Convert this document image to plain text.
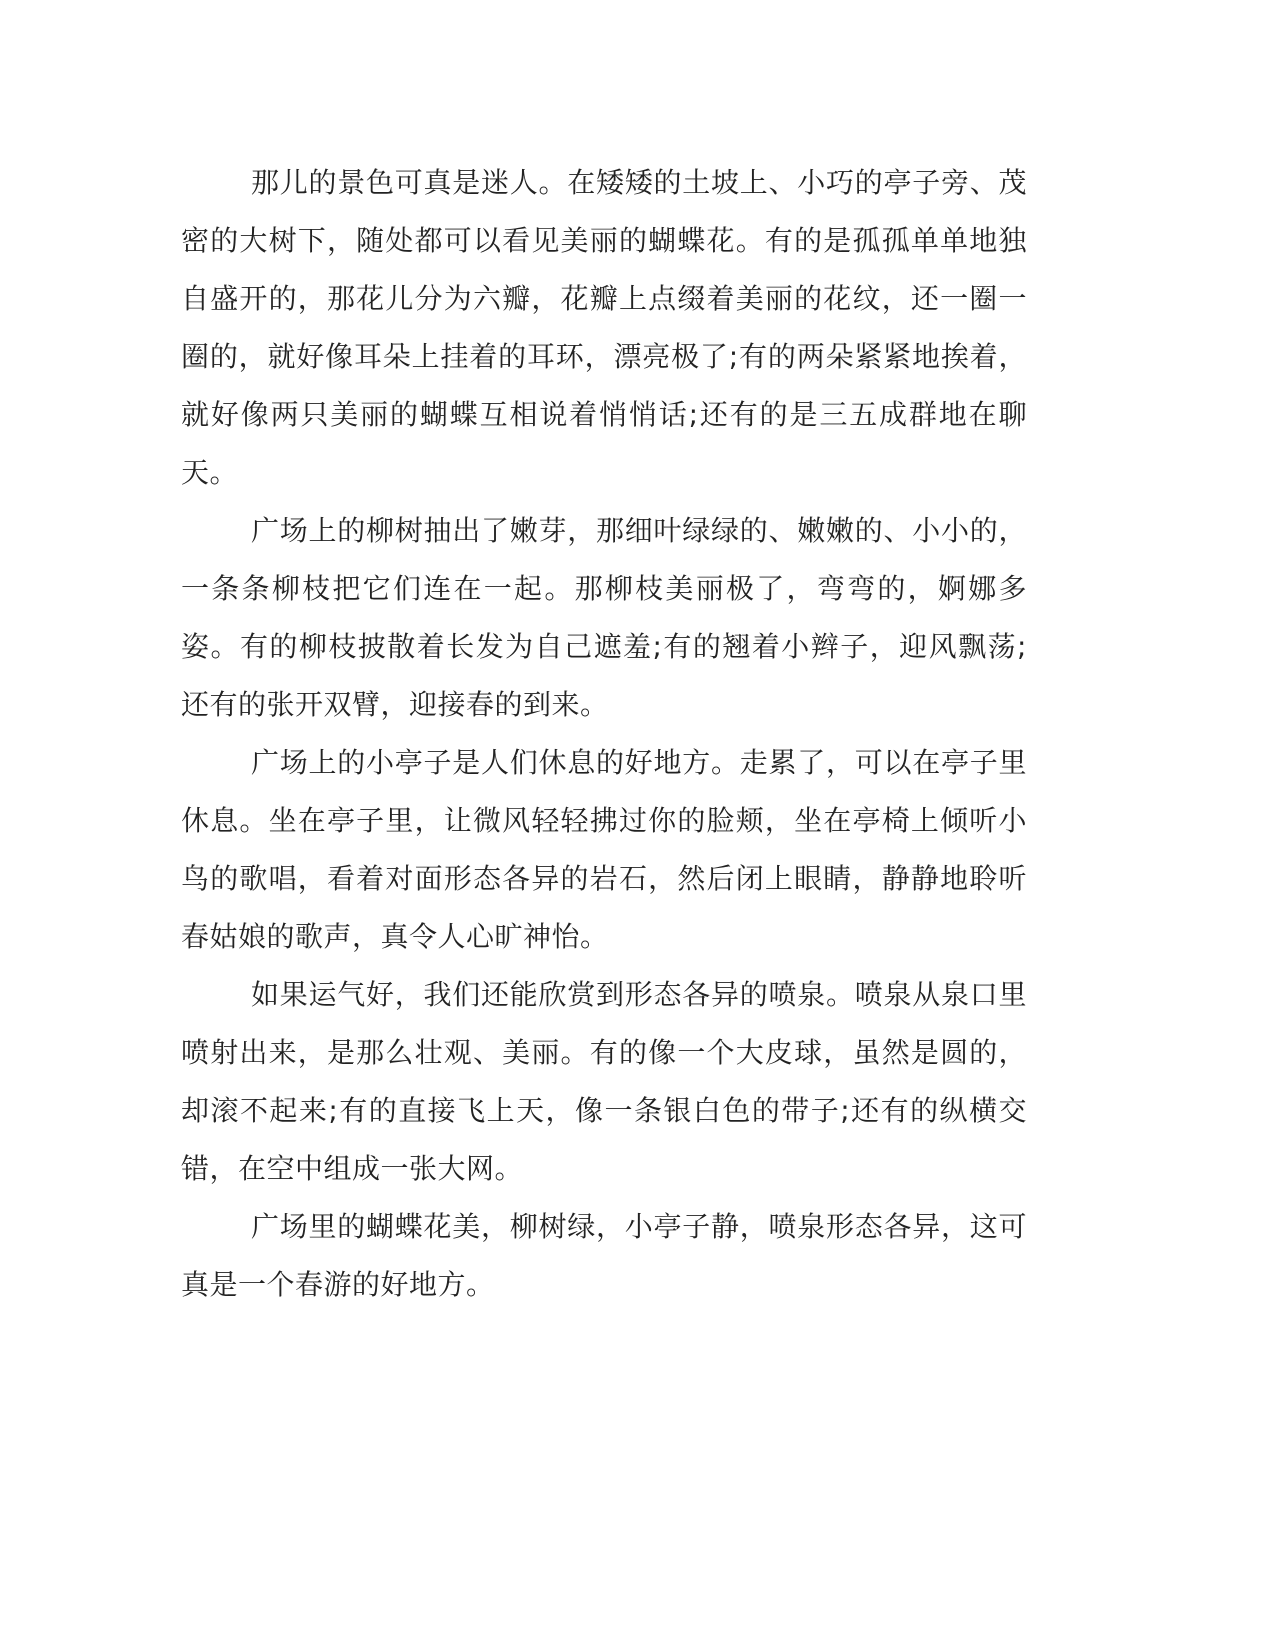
那儿的景色可真是迷人。在矮矮的土坡上、小巧的亭子旁、茂密的大树下，随处都可以看见美丽的蝴蝶花。有的是孤孤单单地独自盛开的，那花儿分为六瓣，花瓣上点缀着美丽的花纹，还一圈一圈的，就好像耳朵上挂着的耳环，漂亮极了;有的两朵紧紧地挨着，就好像两只美丽的蝴蝶互相说着悄悄话;还有的是三五成群地在聊天。

广场上的柳树抽出了嫩芽，那细叶绿绿的、嫩嫩的、小小的，一条条柳枝把它们连在一起。那柳枝美丽极了，弯弯的，婀娜多姿。有的柳枝披散着长发为自己遮羞;有的翘着小辫子，迎风飘荡;还有的张开双臂，迎接春的到来。

广场上的小亭子是人们休息的好地方。走累了，可以在亭子里休息。坐在亭子里，让微风轻轻拂过你的脸颊，坐在亭椅上倾听小鸟的歌唱，看着对面形态各异的岩石，然后闭上眼睛，静静地聆听春姑娘的歌声，真令人心旷神怡。

如果运气好，我们还能欣赏到形态各异的喷泉。喷泉从泉口里喷射出来，是那么壮观、美丽。有的像一个大皮球，虽然是圆的，却滚不起来;有的直接飞上天，像一条银白色的带子;还有的纵横交错，在空中组成一张大网。

广场里的蝴蝶花美，柳树绿，小亭子静，喷泉形态各异，这可真是一个春游的好地方。
